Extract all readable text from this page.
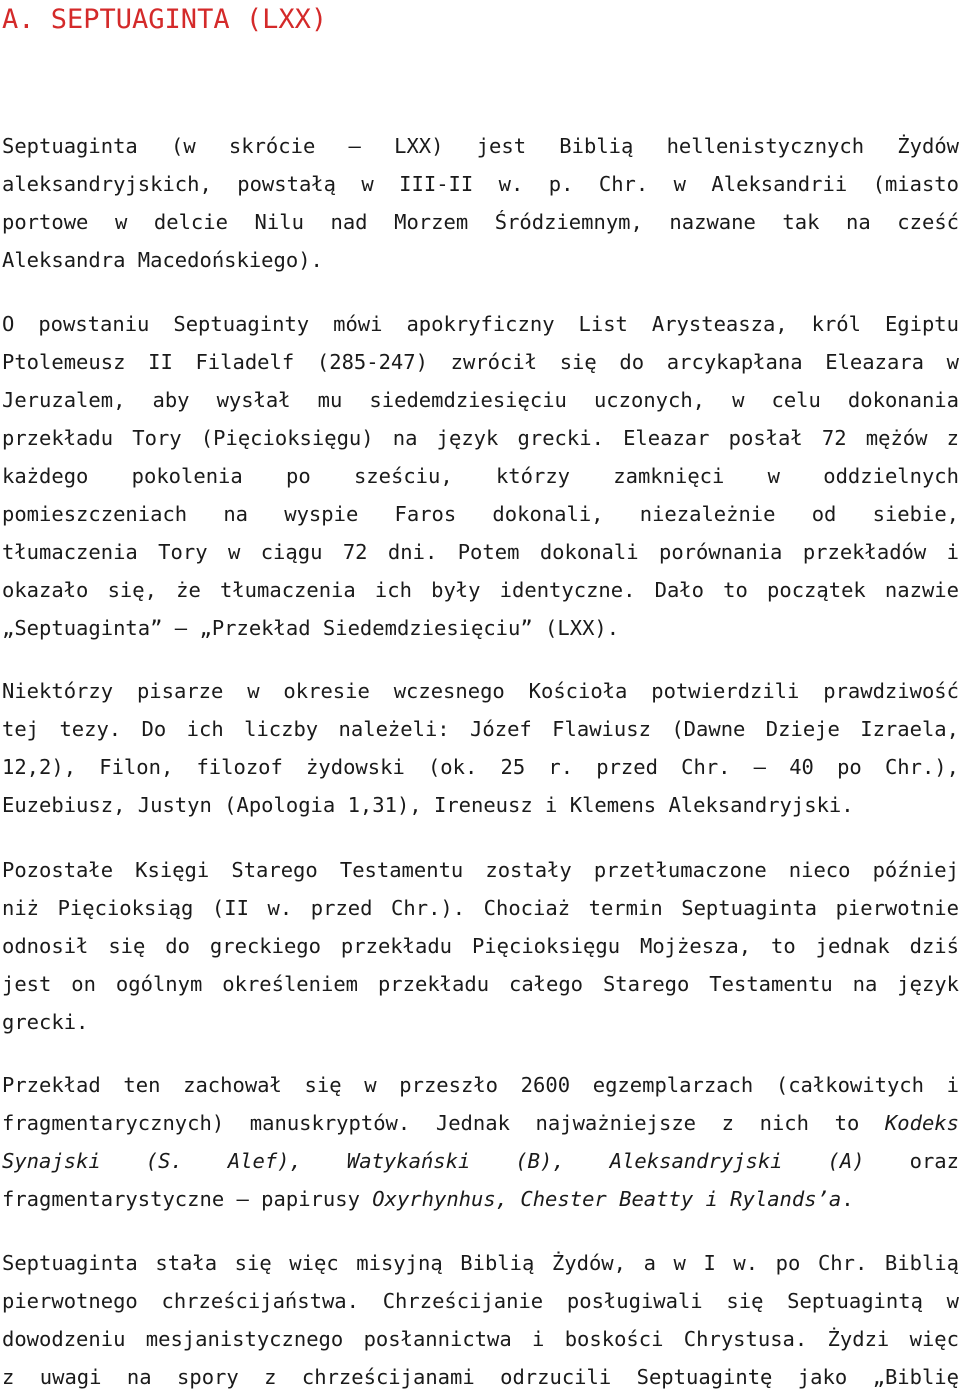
A. SEPTUAGINTA (LXX)
Septuaginta (w skrócie – LXX) jest Biblią hellenistycznych Żydów
aleksandryjskich, powstałą w III-II w. p. Chr. w Aleksandrii (miasto
portowe w delcie Nilu nad Morzem Śródziemnym, nazwane tak na cześć
Aleksandra Macedońskiego).
O powstaniu Septuaginty mówi apokryficzny List Arysteasza, król Egiptu
Ptolemeusz II Filadelf (285-247) zwrócił się do arcykapłana Eleazara w
Jeruzalem, aby wysłał mu siedemdziesięciu uczonych, w celu dokonania
przekładu Tory (Pięcioksięgu) na język grecki. Eleazar posłał 72 mężów z
każdego pokolenia po sześciu, którzy zamknięci w oddzielnych
pomieszczeniach na wyspie Faros dokonali, niezależnie od siebie,
tłumaczenia Tory w ciągu 72 dni. Potem dokonali porównania przekładów i
okazało się, że tłumaczenia ich były identyczne. Dało to początek nazwie
„Septuaginta” – „Przekład Siedemdziesięciu” (LXX).
Niektórzy pisarze w okresie wczesnego Kościoła potwierdzili prawdziwość
tej tezy. Do ich liczby należeli: Józef Flawiusz (Dawne Dzieje Izraela,
12,2), Filon, filozof żydowski (ok. 25 r. przed Chr. – 40 po Chr.),
Euzebiusz, Justyn (Apologia 1,31), Ireneusz i Klemens Aleksandryjski.
Pozostałe Księgi Starego Testamentu zostały przetłumaczone nieco później
niż Pięcioksiąg (II w. przed Chr.). Chociaż termin Septuaginta pierwotnie
odnosił się do greckiego przekładu Pięcioksięgu Mojżesza, to jednak dziś
jest on ogólnym określeniem przekładu całego Starego Testamentu na język
grecki.
Przekład ten zachował się w przeszło 2600 egzemplarzach (całkowitych i
fragmentarycznych) manuskryptów. Jednak najważniejsze z nich to Kodeks
Synajski (S. Alef), Watykański (B), Aleksandryjski (A) oraz
fragmentarystyczne – papirusy Oxyrhynhus, Chester Beatty i Rylands’a.
Septuaginta stała się więc misyjną Biblią Żydów, a w I w. po Chr. Biblią
pierwotnego chrześcijaństwa. Chrześcijanie posługiwali się Septuagintą w
dowodzeniu mesjanistycznego posłannictwa i boskości Chrystusa. Żydzi więc
z uwagi na spory z chrześcijanami odrzucili Septuagintę jako „Biblię
